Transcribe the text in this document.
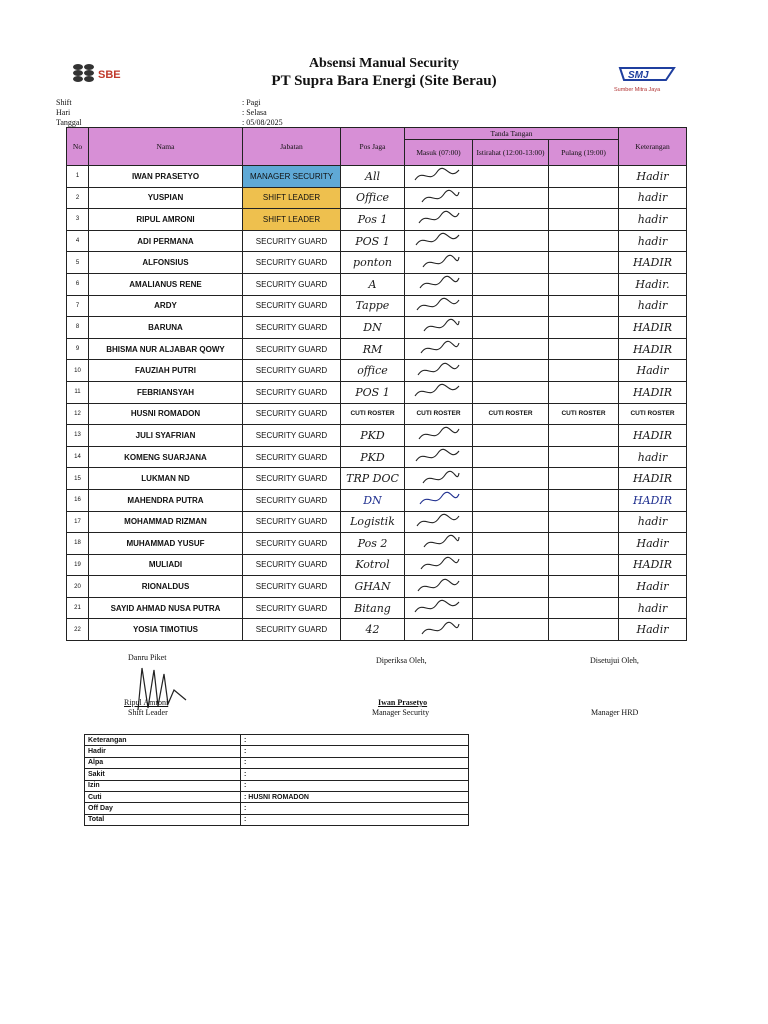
SBE
Absensi Manual Security
PT Supra Bara Energi (Site Berau)	SMJ
Sumber Mitra Jaya
Shift	: Pagi
Hari	: Selasa
Tanggal	: 05/08/2025
No	Nama	Jabatan	Pos Jaga	Tanda Tangan			Keterangan
				Masuk (07:00)	Istirahat (12:00-13:00)	Pulang (19:00)	
1	IWAN PRASETYO	MANAGER SECURITY	All				Hadir
2	YUSPIAN	SHIFT LEADER	Office				hadir
3	RIPUL AMRONI	SHIFT LEADER	Pos 1				hadir
4	ADI PERMANA	SECURITY GUARD	POS 1				hadir
5	ALFONSIUS	SECURITY GUARD	ponton				HADIR
6	AMALIANUS RENE	SECURITY GUARD	A				Hadir.
7	ARDY	SECURITY GUARD	Tappe				hadir
8	BARUNA	SECURITY GUARD	DN				HADIR
9	BHISMA NUR ALJABAR QOWY	SECURITY GUARD	RM				HADIR
10	FAUZIAH PUTRI	SECURITY GUARD	office				Hadir
11	FEBRIANSYAH	SECURITY GUARD	POS 1				HADIR
12	HUSNI ROMADON	SECURITY GUARD	CUTI ROSTER	CUTI ROSTER	CUTI ROSTER	CUTI ROSTER	CUTI ROSTER
13	JULI SYAFRIAN	SECURITY GUARD	PKD				HADIR
14	KOMENG SUARJANA	SECURITY GUARD	PKD				hadir
15	LUKMAN ND	SECURITY GUARD	TRP DOC				HADIR
16	MAHENDRA PUTRA	SECURITY GUARD	DN				HADIR
17	MOHAMMAD RIZMAN	SECURITY GUARD	Logistik				hadir
18	MUHAMMAD YUSUF	SECURITY GUARD	Pos 2				Hadir
19	MULIADI	SECURITY GUARD	Kotrol				HADIR
20	RIONALDUS	SECURITY GUARD	GHAN				Hadir
21	SAYID AHMAD NUSA PUTRA	SECURITY GUARD	Bitang				hadir
22	YOSIA TIMOTIUS	SECURITY GUARD	42				Hadir
Danru Piket
Ripul Amroni
Shift Leader
Diperiksa Oleh,
Iwan Prasetyo
Manager Security
Disetujui Oleh,
Manager HRD
Keterangan	:
Hadir	:
Alpa	:
Sakit	:
Izin	:
Cuti	: HUSNI ROMADON
Off Day	:
Total	:
